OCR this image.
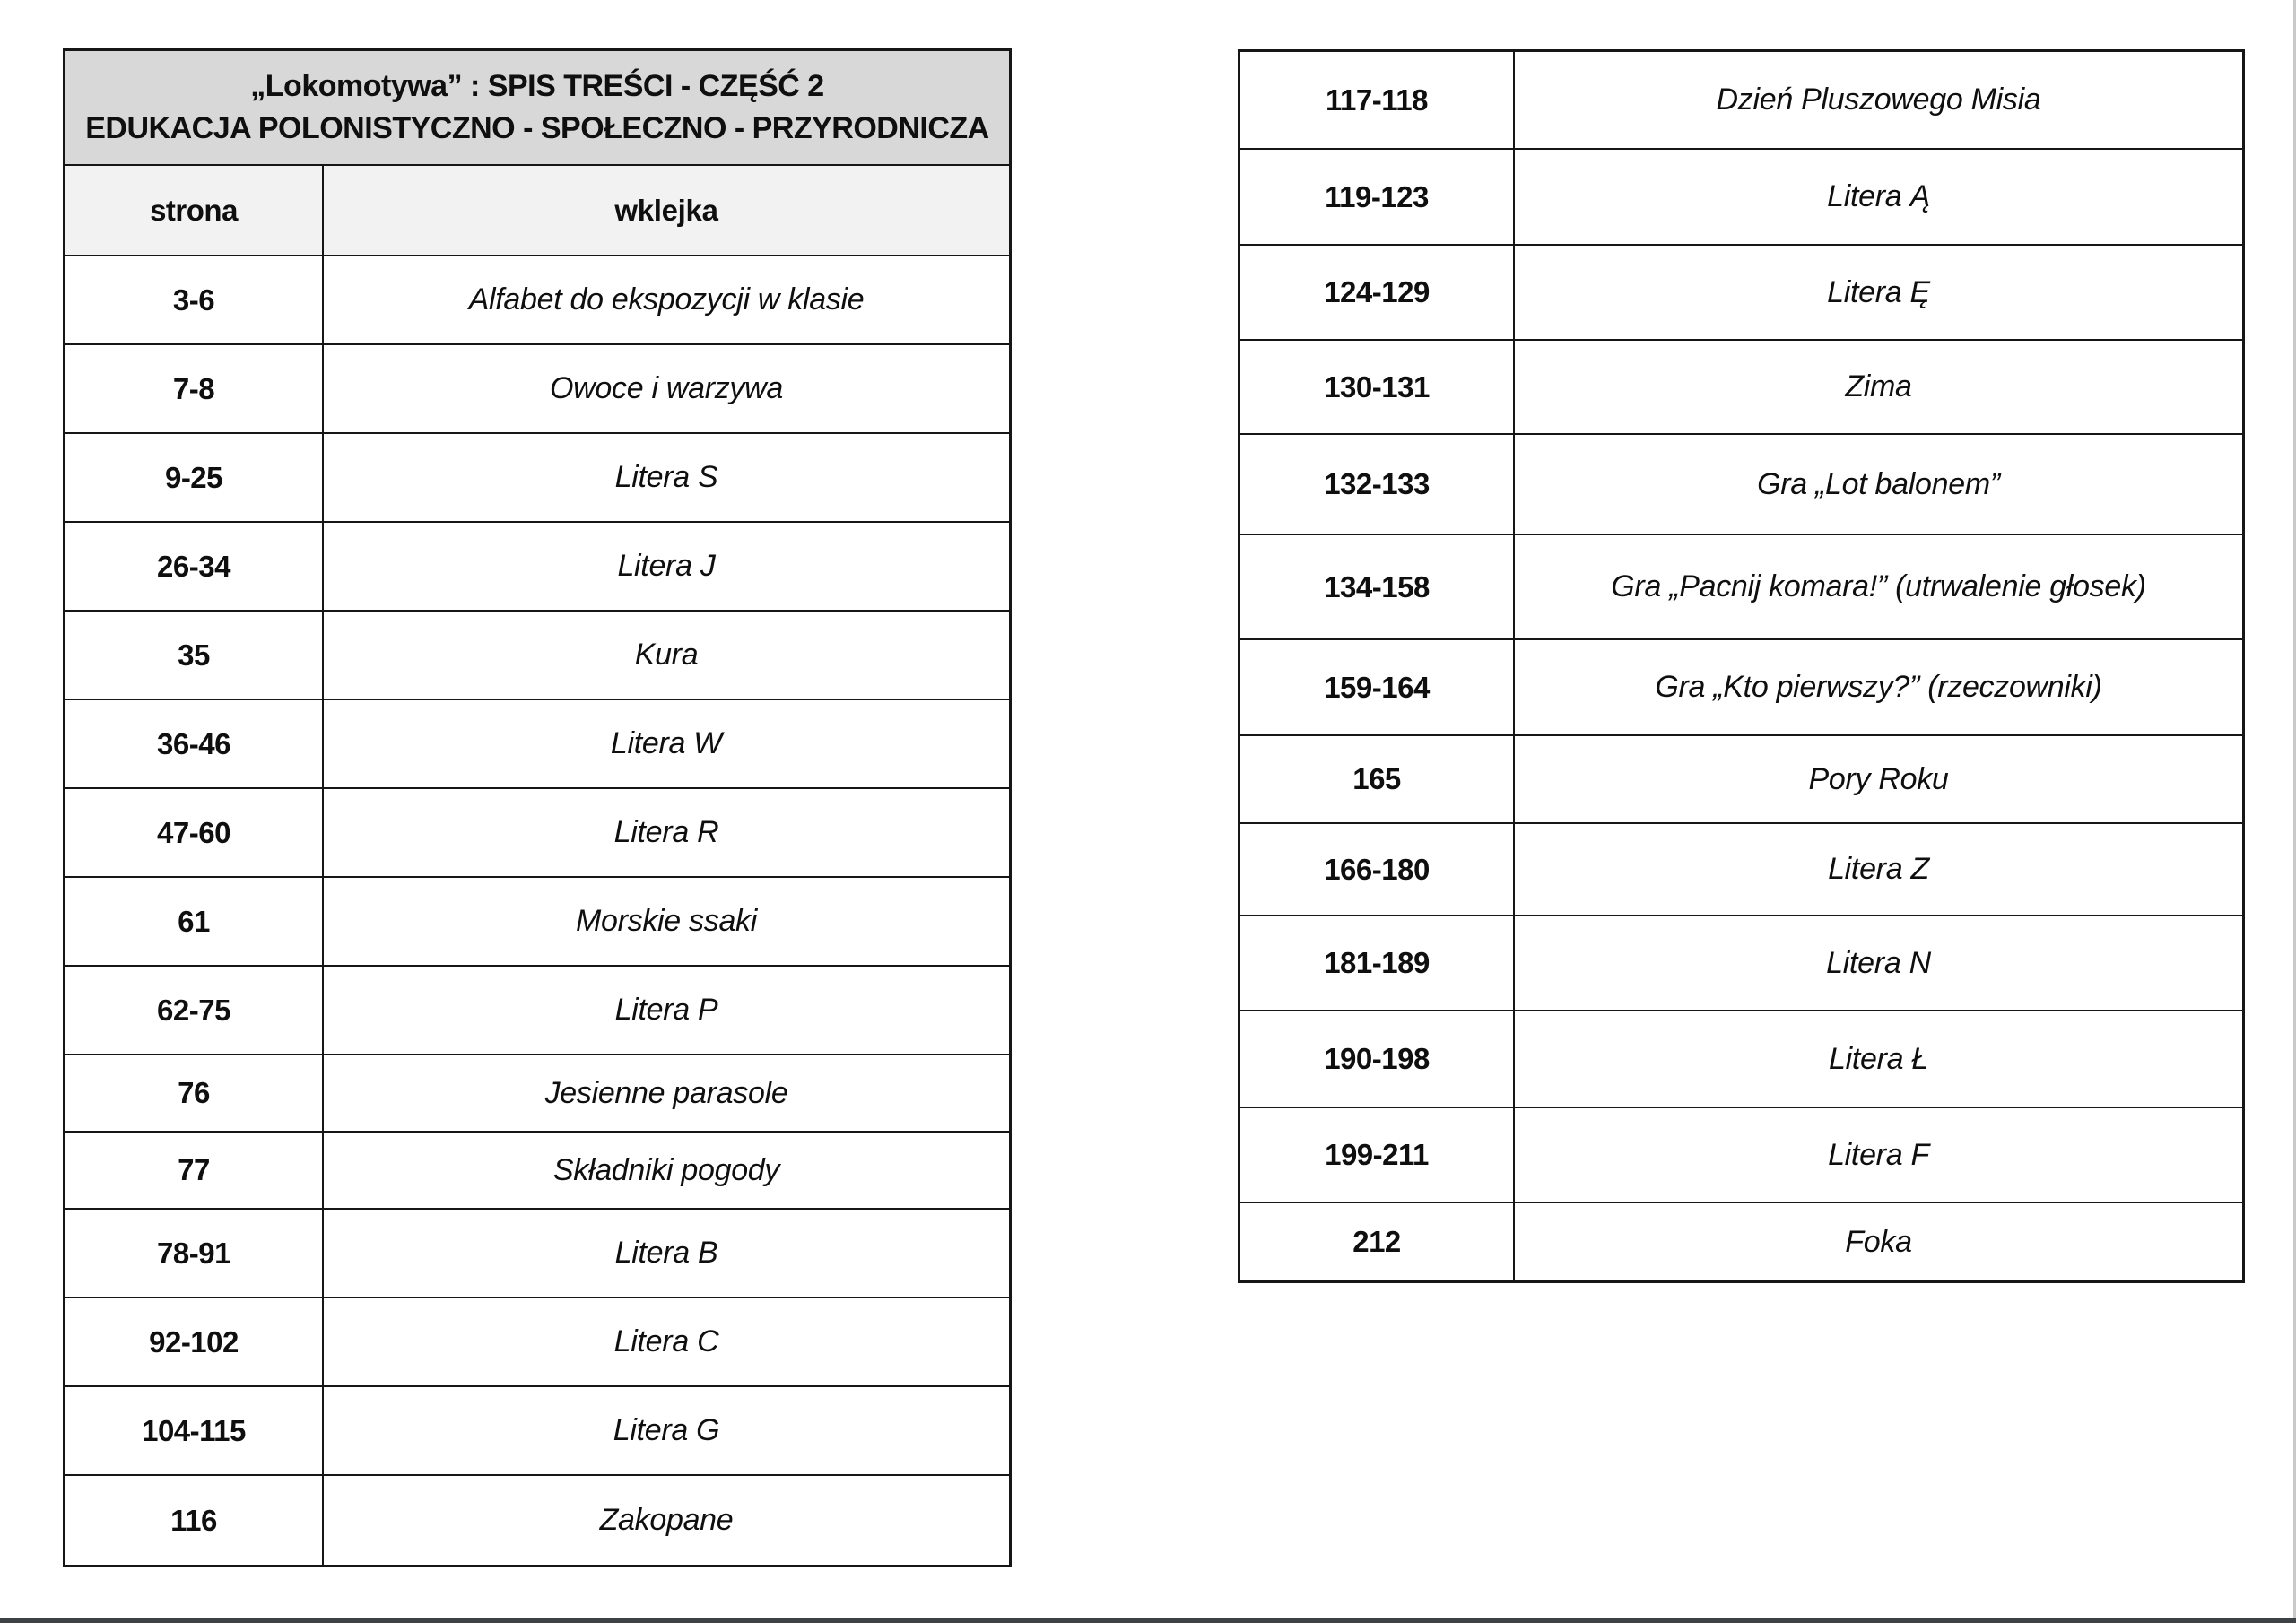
„Lokomotywa” : SPIS TREŚCI - CZĘŚĆ 2
EDUKACJA POLONISTYCZNO - SPOŁECZNO - PRZYRODNICZA
strona	wklejka
3-6	Alfabet do ekspozycji w klasie
7-8	Owoce i warzywa
9-25	Litera S
26-34	Litera J
35	Kura
36-46	Litera W
47-60	Litera R
61	Morskie ssaki
62-75	Litera P
76	Jesienne parasole
77	Składniki pogody
78-91	Litera B
92-102	Litera C
104-115	Litera G
116	Zakopane
117-118	Dzień Pluszowego Misia
119-123	Litera Ą
124-129	Litera Ę
130-131	Zima
132-133	Gra „Lot balonem”
134-158	Gra „Pacnij komara!” (utrwalenie głosek)
159-164	Gra „Kto pierwszy?” (rzeczowniki)
165	Pory Roku
166-180	Litera Z
181-189	Litera N
190-198	Litera Ł
199-211	Litera F
212	Foka
